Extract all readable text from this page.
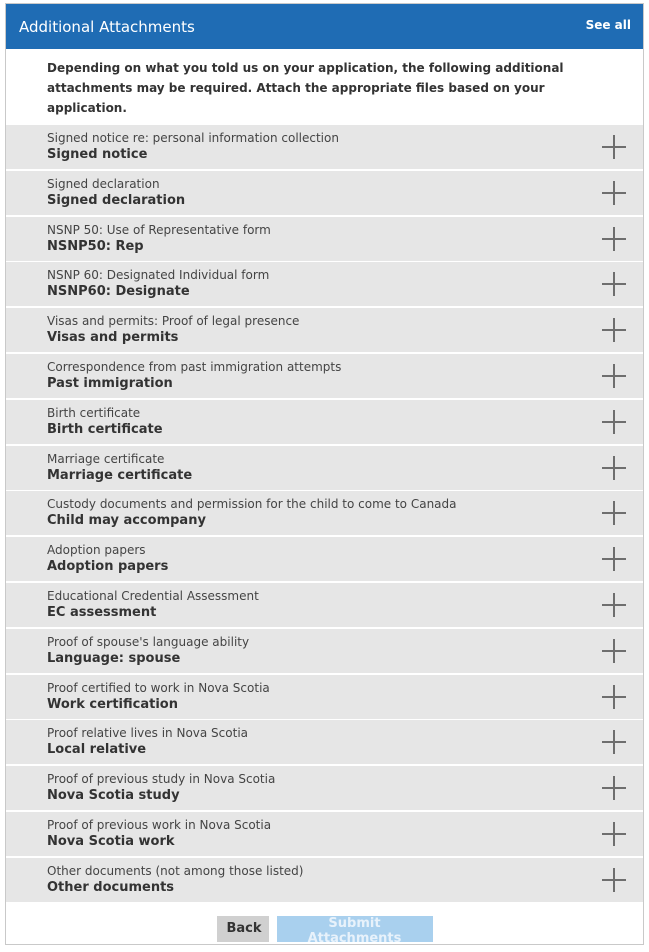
Additional Attachments	See all
Depending on what you told us on your application, the following additional attachments may be required. Attach the appropriate files based on your application.
Signed notice re: personal information collection
Signed notice
Signed declaration
Signed declaration
NSNP 50: Use of Representative form
NSNP50: Rep
NSNP 60: Designated Individual form
NSNP60: Designate
Visas and permits: Proof of legal presence
Visas and permits
Correspondence from past immigration attempts
Past immigration
Birth certificate
Birth certificate
Marriage certificate
Marriage certificate
Custody documents and permission for the child to come to Canada
Child may accompany
Adoption papers
Adoption papers
Educational Credential Assessment
EC assessment
Proof of spouse's language ability
Language: spouse
Proof certified to work in Nova Scotia
Work certification
Proof relative lives in Nova Scotia
Local relative
Proof of previous study in Nova Scotia
Nova Scotia study
Proof of previous work in Nova Scotia
Nova Scotia work
Other documents (not among those listed)
Other documents
Back	Submit Attachments
